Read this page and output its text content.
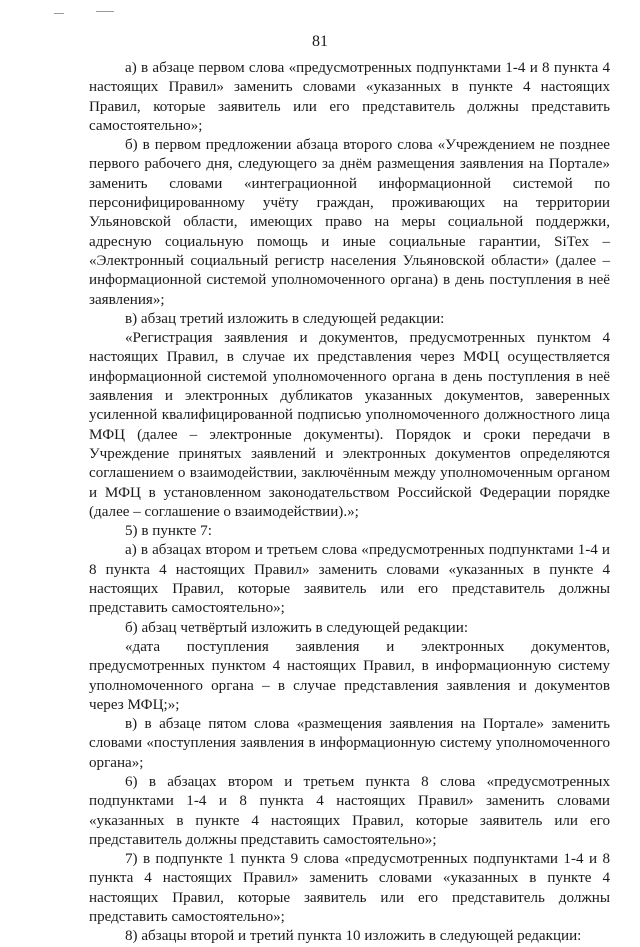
81

а) в абзаце первом слова «предусмотренных подпунктами 1-4 и 8 пункта 4 настоящих Правил» заменить словами «указанных в пункте 4 настоящих Правил, которые заявитель или его представитель должны представить самостоятельно»;

б) в первом предложении абзаца второго слова «Учреждением не позднее первого рабочего дня, следующего за днём размещения заявления на Портале» заменить словами «интеграционной информационной системой по персонифицированному учёту граждан, проживающих на территории Ульяновской области, имеющих право на меры социальной поддержки, адресную социальную помощь и иные социальные гарантии, SiTex – «Электронный социальный регистр населения Ульяновской области» (далее – информационной системой уполномоченного органа) в день поступления в неё заявления»;

в) абзац третий изложить в следующей редакции:

«Регистрация заявления и документов, предусмотренных пунктом 4 настоящих Правил, в случае их представления через МФЦ осуществляется информационной системой уполномоченного органа в день поступления в неё заявления и электронных дубликатов указанных документов, заверенных усиленной квалифицированной подписью уполномоченного должностного лица МФЦ (далее – электронные документы). Порядок и сроки передачи в Учреждение принятых заявлений и электронных документов определяются соглашением о взаимодействии, заключённым между уполномоченным органом и МФЦ в установленном законодательством Российской Федерации порядке (далее – соглашение о взаимодействии).»;

5) в пункте 7:

а) в абзацах втором и третьем слова «предусмотренных подпунктами 1-4 и 8 пункта 4 настоящих Правил» заменить словами «указанных в пункте 4 настоящих Правил, которые заявитель или его представитель должны представить самостоятельно»;

б) абзац четвёртый изложить в следующей редакции:

«дата поступления заявления и электронных документов, предусмотренных пунктом 4 настоящих Правил, в информационную систему уполномоченного органа – в случае представления заявления и документов через МФЦ;»;

в) в абзаце пятом слова «размещения заявления на Портале» заменить словами «поступления заявления в информационную систему уполномоченного органа»;

6) в абзацах втором и третьем пункта 8 слова «предусмотренных подпунктами 1-4 и 8 пункта 4 настоящих Правил» заменить словами «указанных в пункте 4 настоящих Правил, которые заявитель или его представитель должны представить самостоятельно»;

7) в подпункте 1 пункта 9 слова «предусмотренных подпунктами 1-4 и 8 пункта 4 настоящих Правил» заменить словами «указанных в пункте 4 настоящих Правил, которые заявитель или его представитель должны представить самостоятельно»;

8) абзацы второй и третий пункта 10 изложить в следующей редакции:
